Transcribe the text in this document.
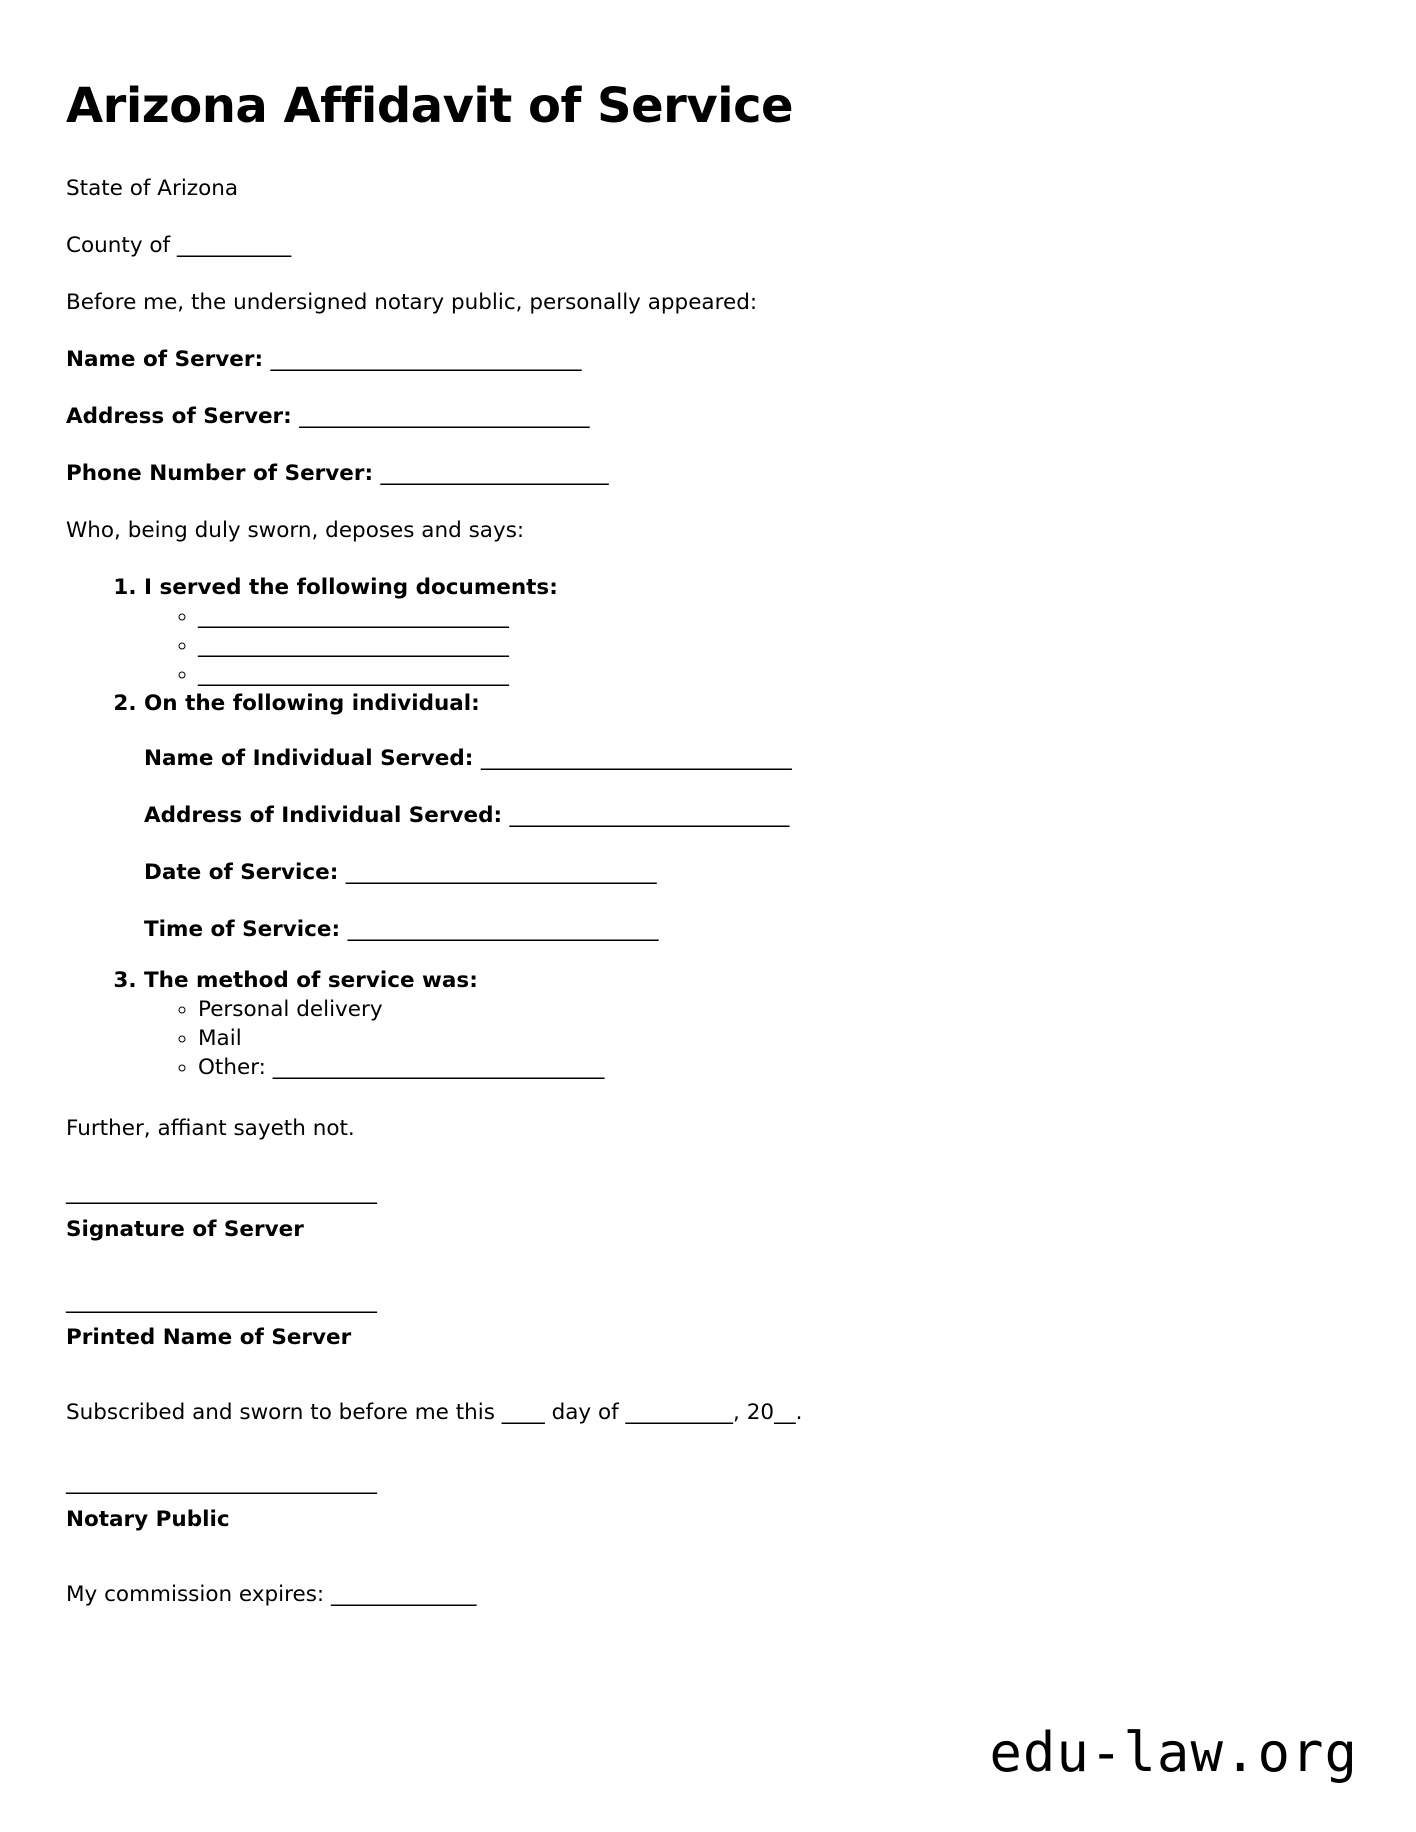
Arizona Affidavit of Service

State of Arizona

County of ___________

Before me, the undersigned notary public, personally appeared:

Name of Server: ______________________________

Address of Server: ____________________________

Phone Number of Server: ______________________

Who, being duly sworn, deposes and says:

1. I served the following documents:
◦ ______________________________
◦ ______________________________
◦ ______________________________
2. On the following individual:

Name of Individual Served: ______________________________

Address of Individual Served: ___________________________

Date of Service: ______________________________

Time of Service: ______________________________

3. The method of service was:
◦ Personal delivery
◦ Mail
◦ Other: ________________________________

Further, affiant sayeth not.

______________________________
Signature of Server
______________________________
Printed Name of Server

Subscribed and sworn to before me this ____ day of __________, 20__.

______________________________
Notary Public

My commission expires: ______________

edu-law.org
